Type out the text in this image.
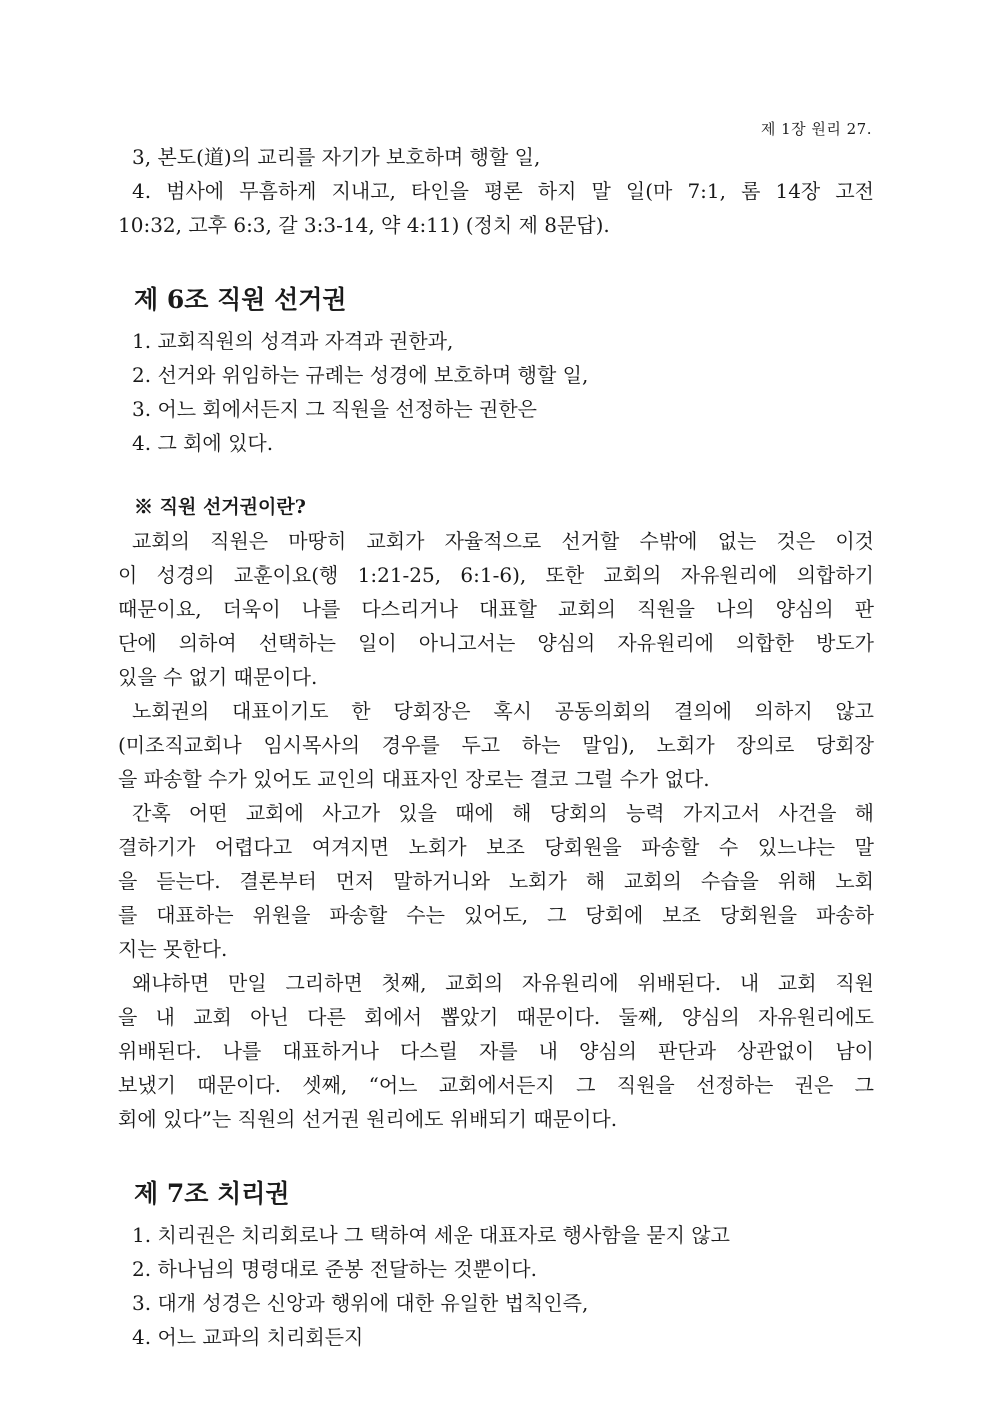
제 1장 원리 27.
3, 본도(道)의 교리를 자기가 보호하며 행할 일,
4. 범사에 무흠하게 지내고, 타인을 평론 하지 말 일(마 7:1, 롬 14장 고전
10:32, 고후 6:3, 갈 3:3-14, 약 4:11) (정치 제 8문답).
제 6조 직원 선거권
1. 교회직원의 성격과 자격과 권한과,
2. 선거와 위임하는 규례는 성경에 보호하며 행할 일,
3. 어느 회에서든지 그 직원을 선정하는 권한은
4. 그 회에 있다.
※ 직원 선거권이란?
교회의 직원은 마땅히 교회가 자율적으로 선거할 수밖에 없는 것은 이것
이 성경의 교훈이요(행 1:21-25, 6:1-6), 또한 교회의 자유원리에 의합하기
때문이요, 더욱이 나를 다스리거나 대표할 교회의 직원을 나의 양심의 판
단에 의하여 선택하는 일이 아니고서는 양심의 자유원리에 의합한 방도가
있을 수 없기 때문이다.
노회권의 대표이기도 한 당회장은 혹시 공동의회의 결의에 의하지 않고
(미조직교회나 임시목사의 경우를 두고 하는 말임), 노회가 장의로 당회장
을 파송할 수가 있어도 교인의 대표자인 장로는 결코 그럴 수가 없다.
간혹 어떤 교회에 사고가 있을 때에 해 당회의 능력 가지고서 사건을 해
결하기가 어렵다고 여겨지면 노회가 보조 당회원을 파송할 수 있느냐는 말
을 듣는다. 결론부터 먼저 말하거니와 노회가 해 교회의 수습을 위해 노회
를 대표하는 위원을 파송할 수는 있어도, 그 당회에 보조 당회원을 파송하
지는 못한다.
왜냐하면 만일 그리하면 첫째, 교회의 자유원리에 위배된다. 내 교회 직원
을 내 교회 아닌 다른 회에서 뽑았기 때문이다. 둘째, 양심의 자유원리에도
위배된다. 나를 대표하거나 다스릴 자를 내 양심의 판단과 상관없이 남이
보냈기 때문이다. 셋째, “어느 교회에서든지 그 직원을 선정하는 권은 그
회에 있다”는 직원의 선거권 원리에도 위배되기 때문이다.
제 7조 치리권
1. 치리권은 치리회로나 그 택하여 세운 대표자로 행사함을 묻지 않고
2. 하나님의 명령대로 준봉 전달하는 것뿐이다.
3. 대개 성경은 신앙과 행위에 대한 유일한 법칙인즉,
4. 어느 교파의 치리회든지
